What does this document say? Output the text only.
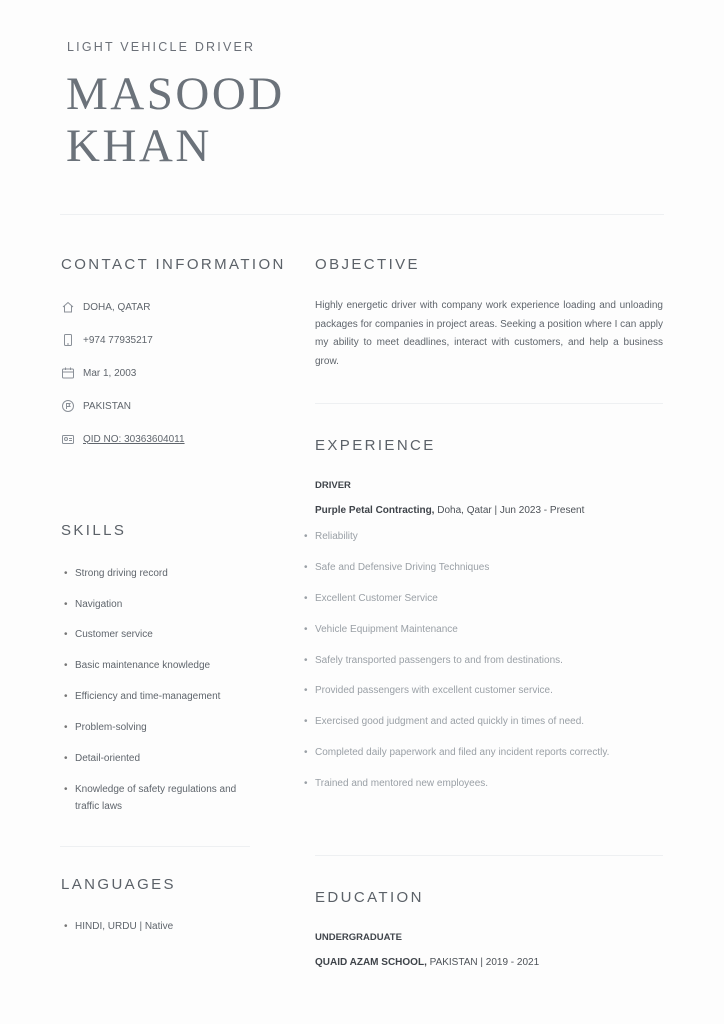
LIGHT VEHICLE DRIVER
MASOOD
KHAN
CONTACT INFORMATION
DOHA, QATAR
+974 77935217
Mar 1, 2003
PAKISTAN
QID NO: 30363604011
SKILLS
• Strong driving record
• Navigation
• Customer service
• Basic maintenance knowledge
• Efficiency and time-management
• Problem-solving
• Detail-oriented
• Knowledge of safety regulations and traffic laws
LANGUAGES
• HINDI, URDU | Native
OBJECTIVE
Highly energetic driver with company work experience loading and unloading packages for companies in project areas. Seeking a position where I can apply my ability to meet deadlines, interact with customers, and help a business grow.
EXPERIENCE
DRIVER
Purple Petal Contracting, Doha, Qatar | Jun 2023 - Present
• Reliability
• Safe and Defensive Driving Techniques
• Excellent Customer Service
• Vehicle Equipment Maintenance
• Safely transported passengers to and from destinations.
• Provided passengers with excellent customer service.
• Exercised good judgment and acted quickly in times of need.
• Completed daily paperwork and filed any incident reports correctly.
• Trained and mentored new employees.
EDUCATION
UNDERGRADUATE
QUAID AZAM SCHOOL, PAKISTAN | 2019 - 2021
